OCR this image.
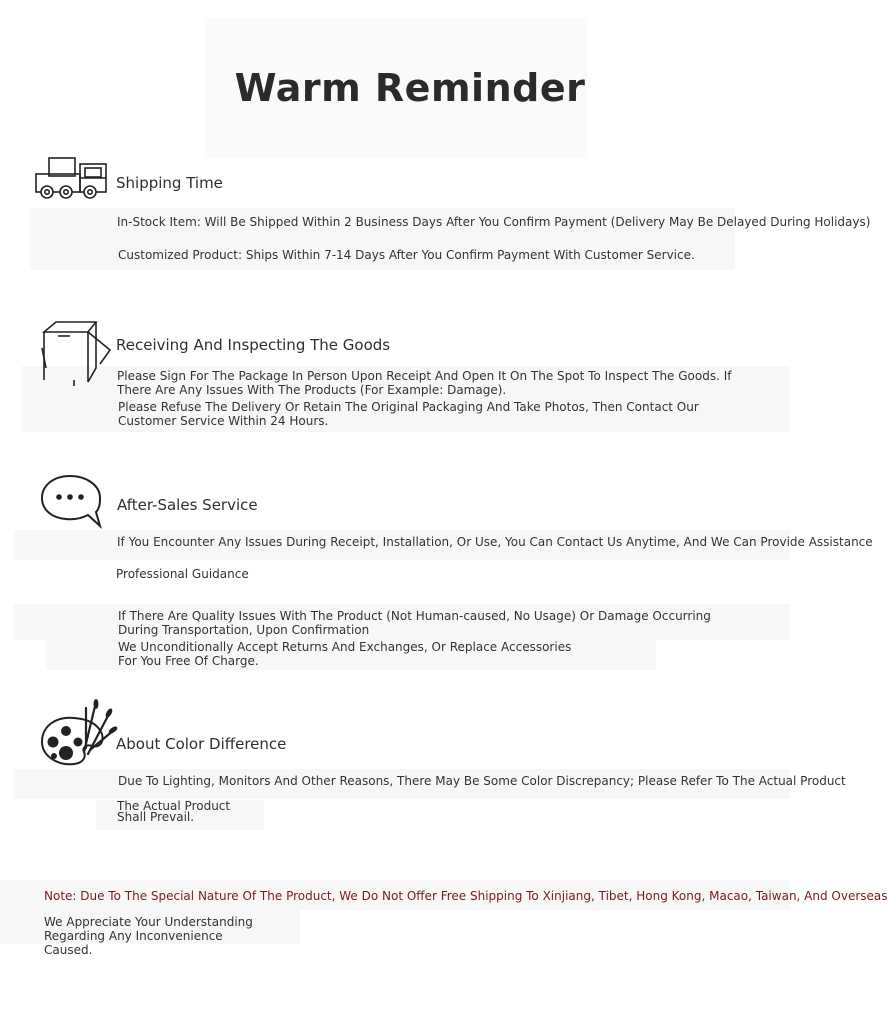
Warm Reminder
Shipping Time
In-Stock Item: Will Be Shipped Within 2 Business Days After You Confirm Payment (Delivery May Be Delayed During Holidays)
Customized Product: Ships Within 7-14 Days After You Confirm Payment With Customer Service.
Receiving And Inspecting The Goods
Please Sign For The Package In Person Upon Receipt And Open It On The Spot To Inspect The Goods. If There Are Any Issues With The Products (For Example: Damage).
Please Refuse The Delivery Or Retain The Original Packaging And Take Photos, Then Contact Our Customer Service Within 24 Hours.
After-Sales Service
If You Encounter Any Issues During Receipt, Installation, Or Use, You Can Contact Us Anytime, And We Can Provide Assistance
Professional Guidance
If There Are Quality Issues With The Product (Not Human-caused, No Usage) Or Damage Occurring During Transportation, Upon Confirmation
We Unconditionally Accept Returns And Exchanges, Or Replace Accessories For You Free Of Charge.
About Color Difference
Due To Lighting, Monitors And Other Reasons, There May Be Some Color Discrepancy; Please Refer To The Actual Product
The Actual Product Shall Prevail.
Note: Due To The Special Nature Of The Product, We Do Not Offer Free Shipping To Xinjiang, Tibet, Hong Kong, Macao, Taiwan, And Overseas
We Appreciate Your Understanding Regarding Any Inconvenience Caused.
